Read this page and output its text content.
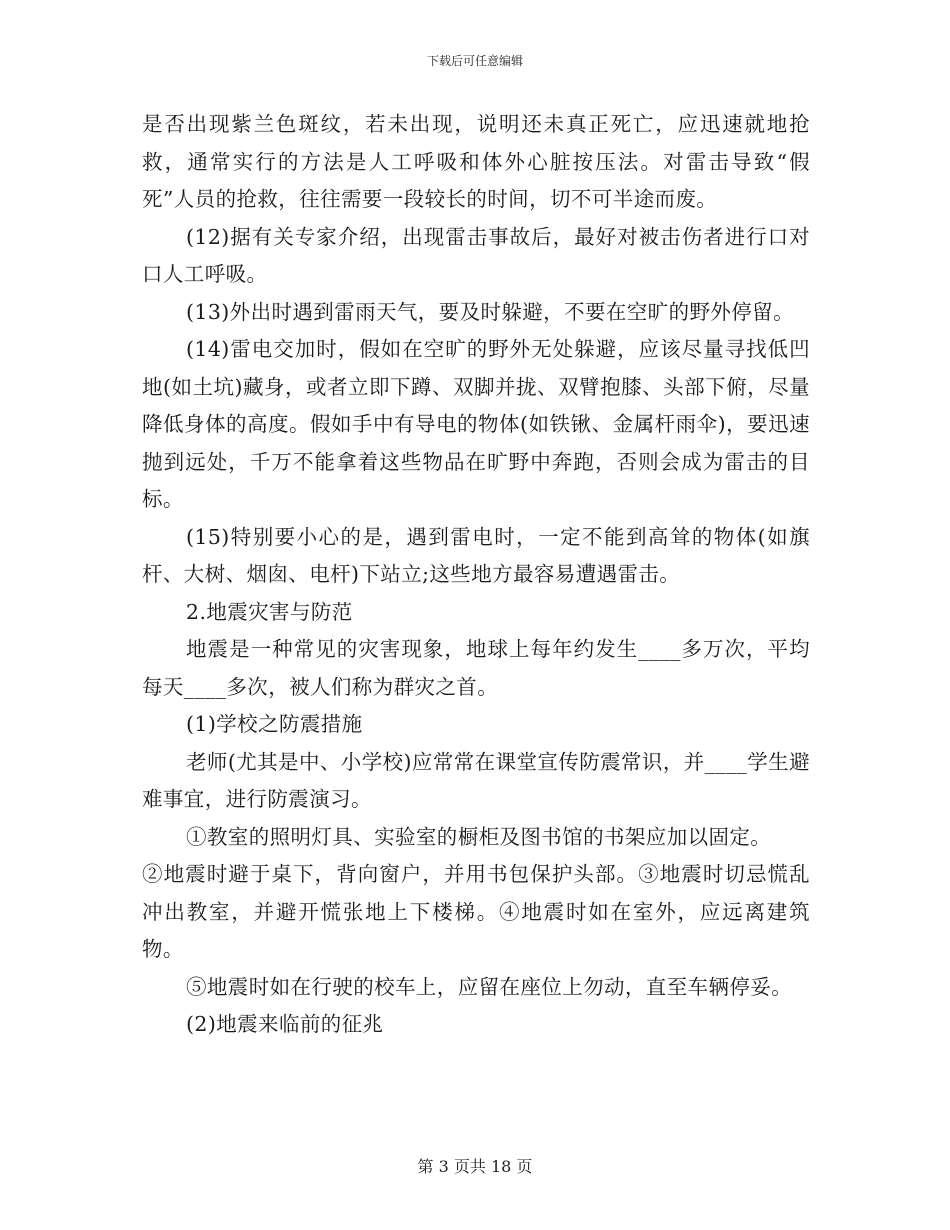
下载后可任意编辑

是否出现紫兰色斑纹，若未出现，说明还未真正死亡，应迅速就地抢救，通常实行的方法是人工呼吸和体外心脏按压法。对雷击导致“假死”人员的抢救，往往需要一段较长的时间，切不可半途而废。

(12)据有关专家介绍，出现雷击事故后，最好对被击伤者进行口对口人工呼吸。

(13)外出时遇到雷雨天气，要及时躲避，不要在空旷的野外停留。

(14)雷电交加时，假如在空旷的野外无处躲避，应该尽量寻找低凹地(如土坑)藏身，或者立即下蹲、双脚并拢、双臂抱膝、头部下俯，尽量降低身体的高度。假如手中有导电的物体(如铁锹、金属杆雨伞)，要迅速抛到远处，千万不能拿着这些物品在旷野中奔跑，否则会成为雷击的目标。

(15)特别要小心的是，遇到雷电时，一定不能到高耸的物体(如旗杆、大树、烟囱、电杆)下站立;这些地方最容易遭遇雷击。

2.地震灾害与防范

地震是一种常见的灾害现象，地球上每年约发生____多万次，平均每天____多次，被人们称为群灾之首。

(1)学校之防震措施

老师(尤其是中、小学校)应常常在课堂宣传防震常识，并____学生避难事宜，进行防震演习。

①教室的照明灯具、实验室的橱柜及图书馆的书架应加以固定。

②地震时避于桌下，背向窗户，并用书包保护头部。③地震时切忌慌乱冲出教室，并避开慌张地上下楼梯。④地震时如在室外，应远离建筑物。

⑤地震时如在行驶的校车上，应留在座位上勿动，直至车辆停妥。

(2)地震来临前的征兆

第 3 页共 18 页
